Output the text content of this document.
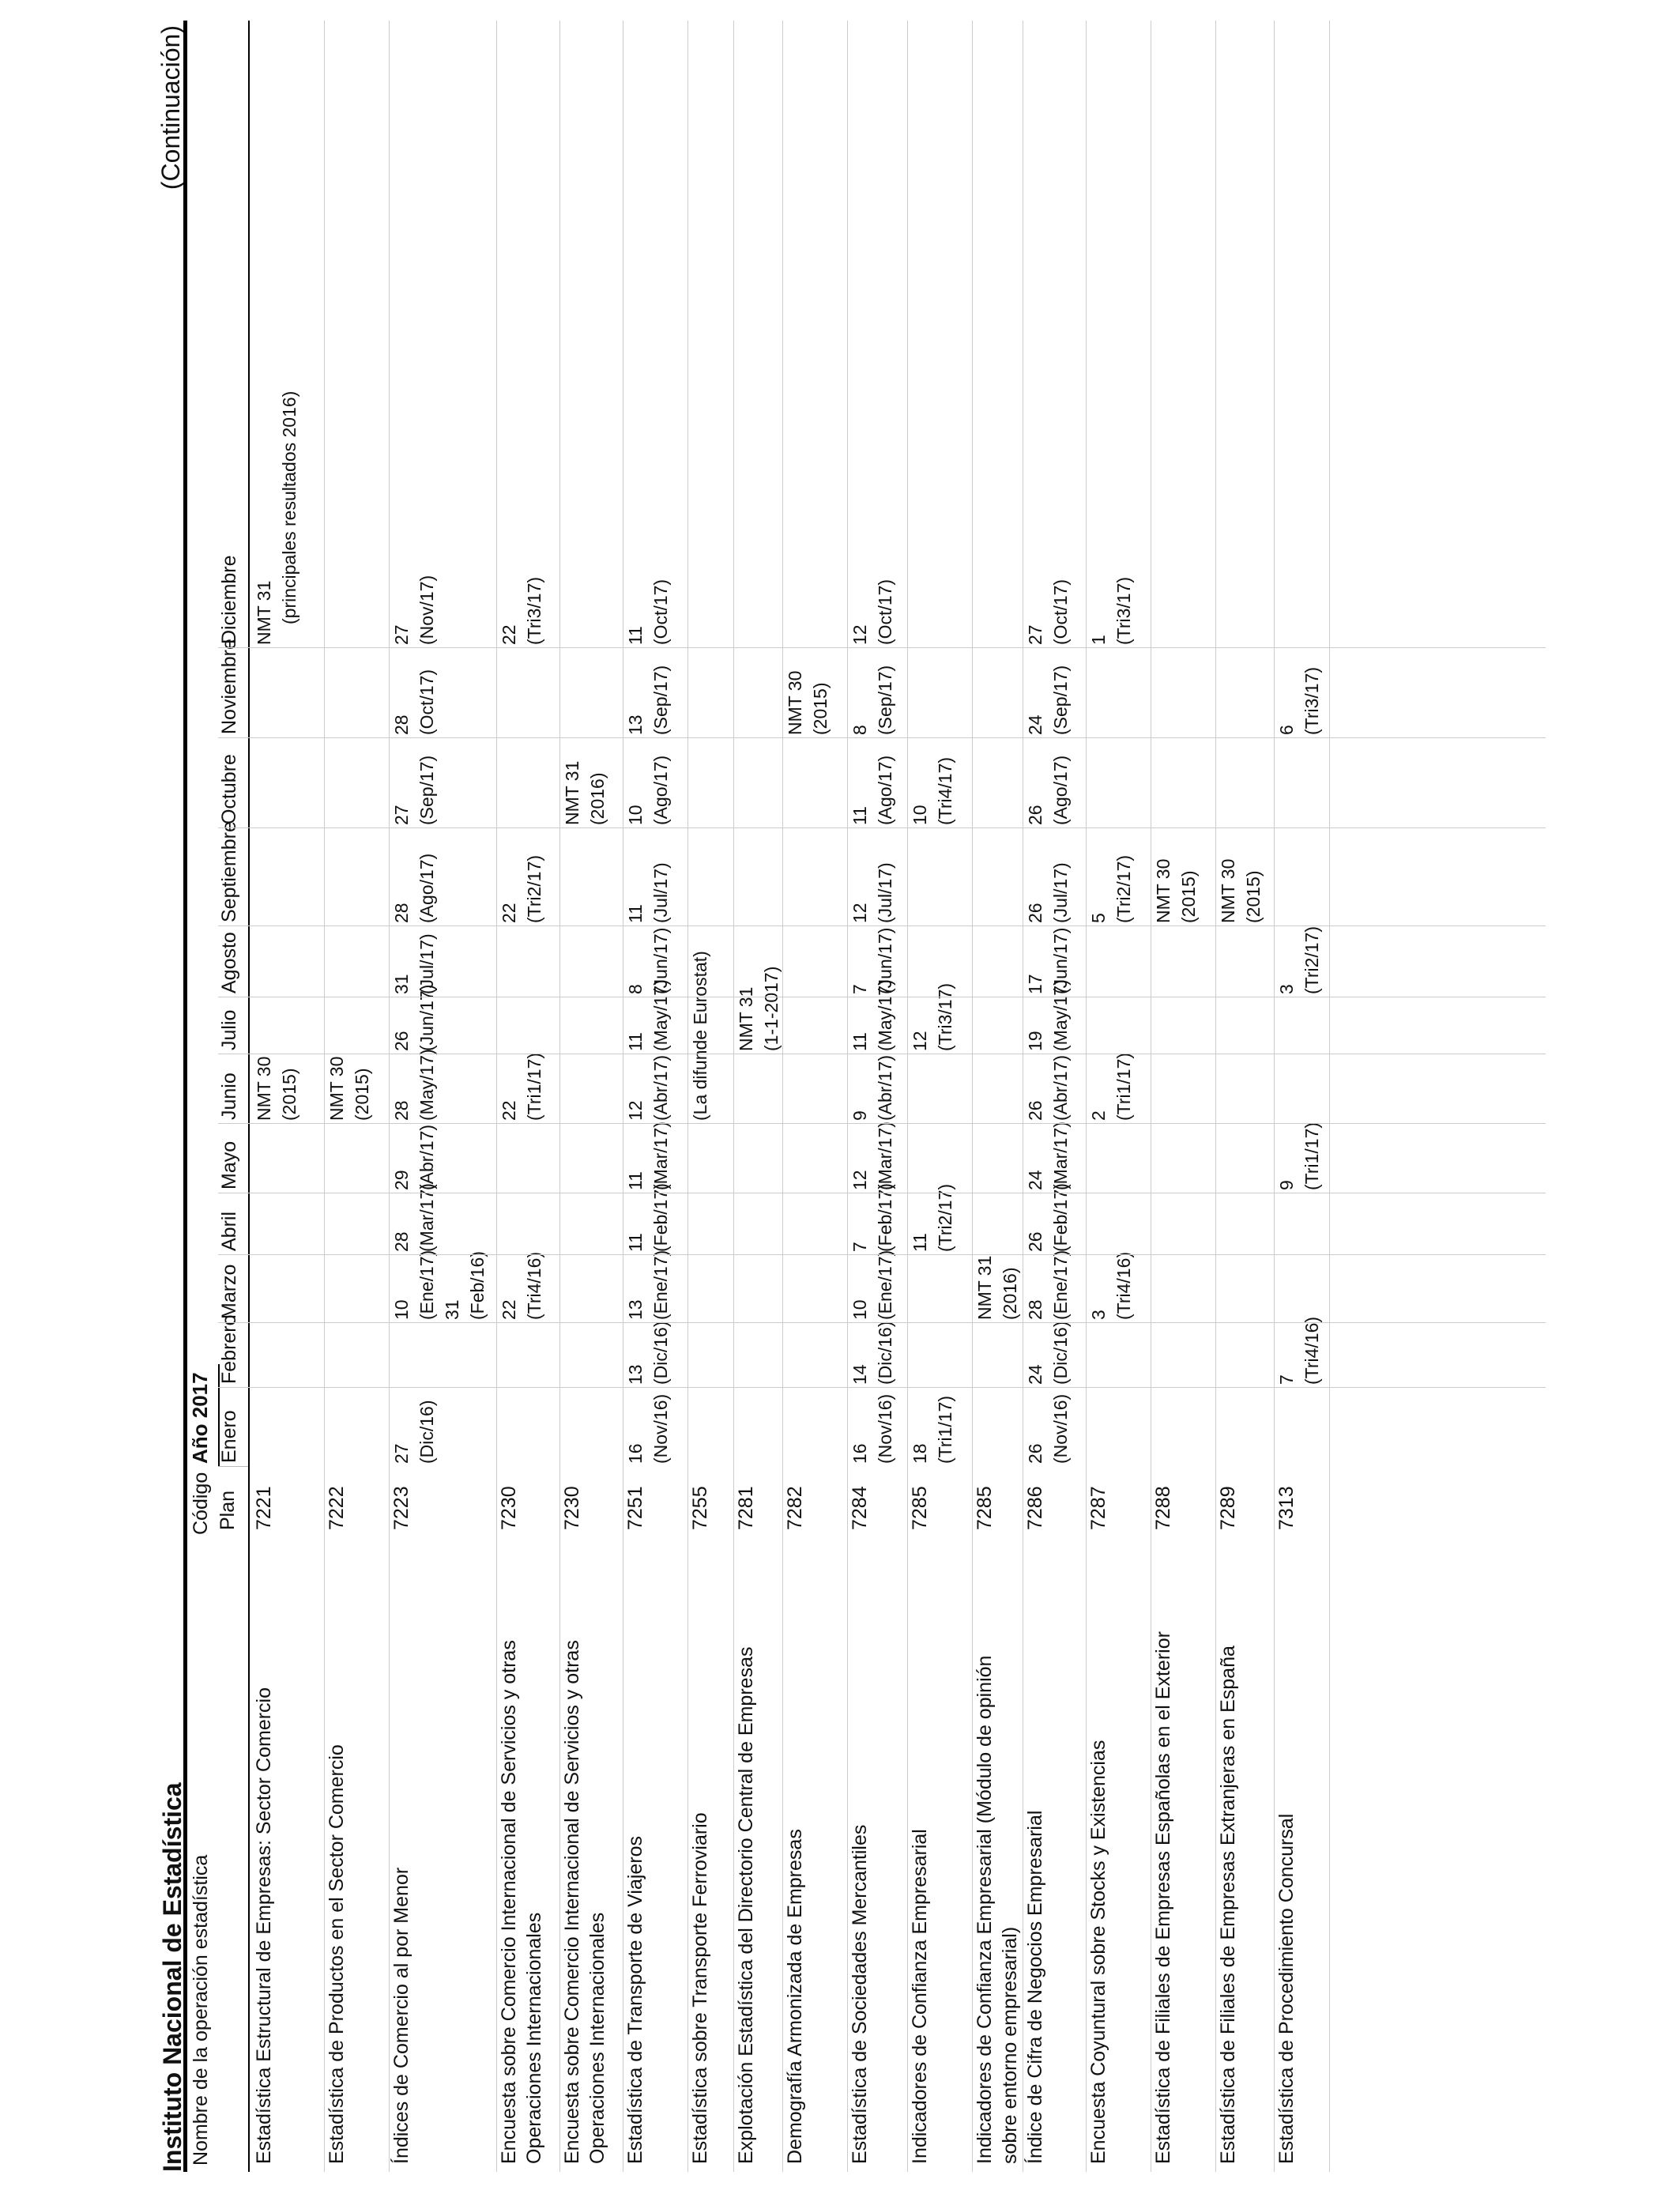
Instituto Nacional de Estadística
(Continuación)
Nombre de la operación estadística
Código Plan
Año 2017 Enero
Febrero
Marzo
Abril
Mayo
Junio
Julio
Agosto
Septiembre
Octubre
Noviembre
Diciembre
Estadística Estructural de Empresas: Sector Comercio
7221
NMT 30 (2015)
NMT 31 (principales resultados 2016)
Estadística de Productos en el Sector Comercio
7222
NMT 30 (2015)
Índices de Comercio al por Menor
7223
27 (Dic/16)
10 (Ene/17) 31 (Feb/16)
28 (Mar/17)
29 (Abr/17)
28 (May/17)
26 (Jun/17)
31 (Jul/17)
28 (Ago/17)
27 (Sep/17)
28 (Oct/17)
27 (Nov/17)
Encuesta sobre Comercio Internacional de Servicios y otras Operaciones Internacionales
7230
22 (Tri4/16)
22 (Tri1/17)
22 (Tri2/17)
22 (Tri3/17)
Encuesta sobre Comercio Internacional de Servicios y otras Operaciones Internacionales
7230
NMT 31 (2016)
Estadística de Transporte de Viajeros
7251
16 (Nov/16)
13 (Dic/16)
13 (Ene/17)
11 (Feb/17)
11 (Mar/17)
12 (Abr/17)
11 (May/17)
8 (Jun/17)
11 (Jul/17)
10 (Ago/17)
13 (Sep/17)
11 (Oct/17)
Estadística sobre Transporte Ferroviario
7255
(La difunde Eurostat)
Explotación Estadística del Directorio Central de Empresas
7281
NMT 31 (1-1-2017)
Demografía Armonizada de Empresas
7282
NMT 30 (2015)
Estadística de Sociedades Mercantiles
7284
16 (Nov/16)
14 (Dic/16)
10 (Ene/17)
7 (Feb/17)
12 (Mar/17)
9 (Abr/17)
11 (May/17)
7 (Jun/17)
12 (Jul/17)
11 (Ago/17)
8 (Sep/17)
12 (Oct/17)
Indicadores de Confianza Empresarial
7285
18 (Tri1/17)
11 (Tri2/17)
12 (Tri3/17)
10 (Tri4/17)
Indicadores de Confianza Empresarial (Módulo de opinión sobre entorno empresarial)
7285
NMT 31 (2016)
Índice de Cifra de Negocios Empresarial
7286
26 (Nov/16)
24 (Dic/16)
28 (Ene/17)
26 (Feb/17)
24 (Mar/17)
26 (Abr/17)
19 (May/17)
17 (Jun/17)
26 (Jul/17)
26 (Ago/17)
24 (Sep/17)
27 (Oct/17)
Encuesta Coyuntural sobre Stocks y Existencias
7287
3 (Tri4/16)
2 (Tri1/17)
5 (Tri2/17)
1 (Tri3/17)
Estadística de Filiales de Empresas Españolas en el Exterior
7288
NMT 30 (2015)
Estadística de Filiales de Empresas Extranjeras en España
7289
NMT 30 (2015)
Estadística de Procedimiento Concursal
7313
7 (Tri4/16)
9 (Tri1/17)
3 (Tri2/17)
6 (Tri3/17)
